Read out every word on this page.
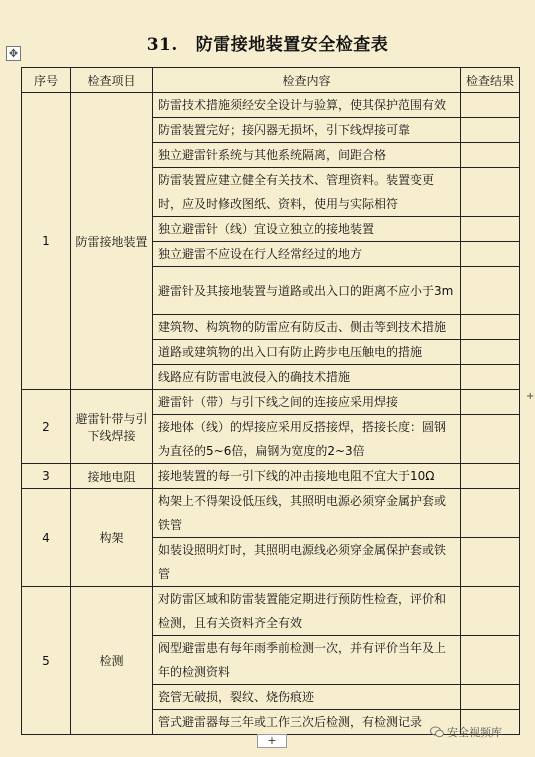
31. 防雷接地装置安全检查表
✥
序号	检查项目	检查内容	检查结果
1	防雷接地装置	防雷技术措施须经安全设计与验算，使其保护范围有效	
		防雷装置完好；接闪器无损坏，引下线焊接可靠	
		独立避雷针系统与其他系统隔离，间距合格	
		防雷装置应建立健全有关技术、管理资料。装置变更时，应及时修改图纸、资料，使用与实际相符	
		独立避雷针（线）宜设立独立的接地装置	
		独立避雷不应设在行人经常经过的地方	
		避雷针及其接地装置与道路或出入口的距离不应小于3m	
		建筑物、构筑物的防雷应有防反击、侧击等到技术措施	
		道路或建筑物的出入口有防止跨步电压触电的措施	
		线路应有防雷电波侵入的确技术措施	
2	避雷针带与引下线焊接	避雷针（带）与引下线之间的连接应采用焊接	
		接地体（线）的焊接应采用反搭接焊，搭接长度：圆钢为直径的5~6倍，扁钢为宽度的2~3倍	
3	接地电阻	接地装置的每一引下线的冲击接地电阻不宜大于10Ω	
4	构架	构架上不得架设低压线，其照明电源必须穿金属护套或铁管	
		如装设照明灯时，其照明电源线必须穿金属保护套或铁管	
5	检测	对防雷区域和防雷装置能定期进行预防性检查，评价和检测，且有关资料齐全有效	
		阀型避雷患有每年雨季前检测一次，并有评价当年及上年的检测资料	
		瓷管无破损，裂纹、烧伤痕迹	
		管式避雷器每三年或工作三次后检测，有检测记录	
+
+
安全视频库
